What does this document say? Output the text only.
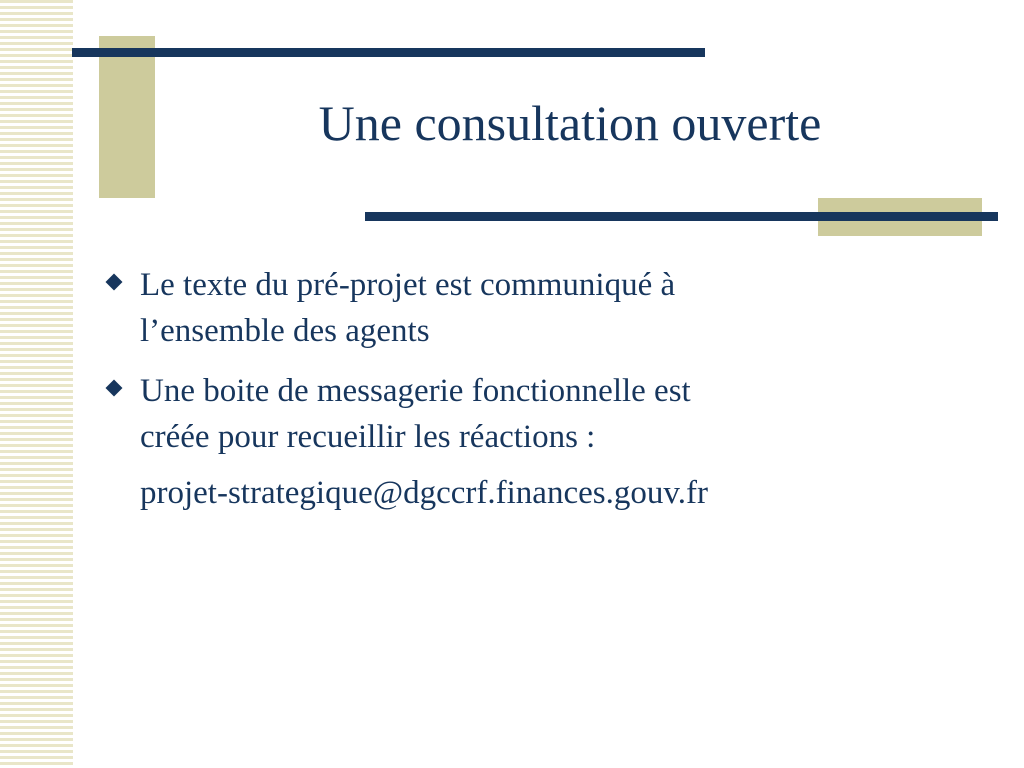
Une consultation ouverte
Le texte du pré-projet est communiqué à
l’ensemble des agents
Une boite de messagerie fonctionnelle est
créée pour recueillir les réactions :
projet-strategique@dgccrf.finances.gouv.fr
